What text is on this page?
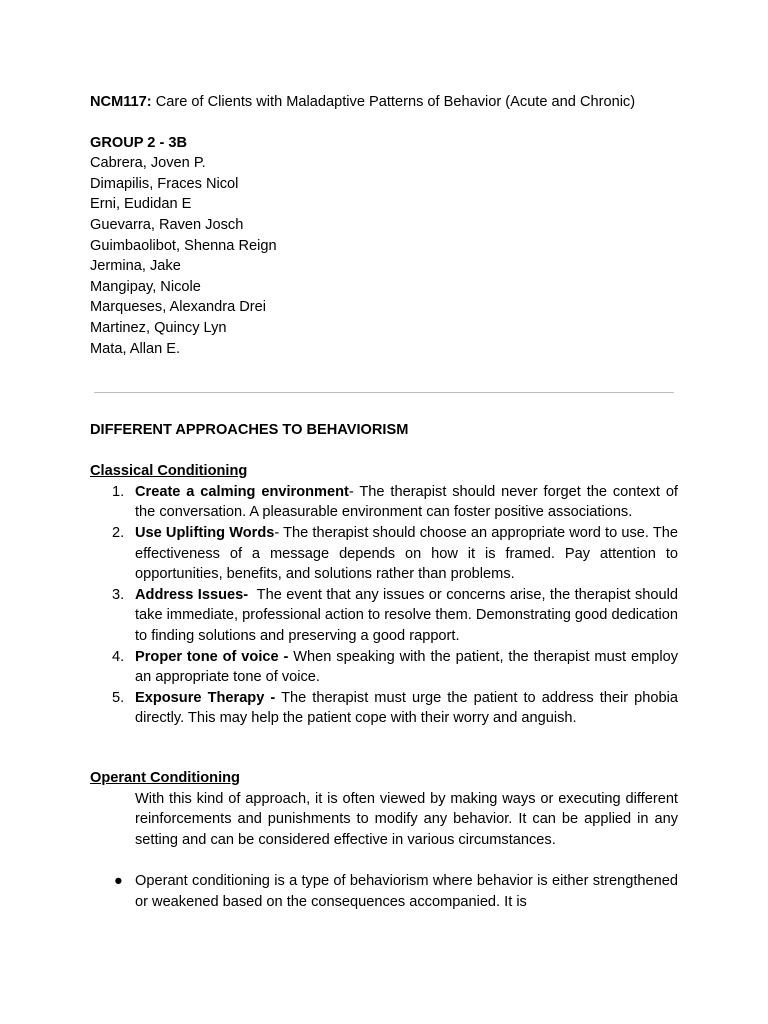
NCM117: Care of Clients with Maladaptive Patterns of Behavior (Acute and Chronic)

GROUP 2 - 3B
Cabrera, Joven P.
Dimapilis, Fraces Nicol
Erni, Eudidan E
Guevarra, Raven Josch
Guimbaolibot, Shenna Reign
Jermina, Jake
Mangipay, Nicole
Marqueses, Alexandra Drei
Martinez, Quincy Lyn
Mata, Allan E.
DIFFERENT APPROACHES TO BEHAVIORISM
Classical Conditioning
1. Create a calming environment- The therapist should never forget the context of the conversation. A pleasurable environment can foster positive associations.
2. Use Uplifting Words- The therapist should choose an appropriate word to use. The effectiveness of a message depends on how it is framed. Pay attention to opportunities, benefits, and solutions rather than problems.
3. Address Issues-  The event that any issues or concerns arise, the therapist should take immediate, professional action to resolve them. Demonstrating good dedication to finding solutions and preserving a good rapport.
4. Proper tone of voice - When speaking with the patient, the therapist must employ an appropriate tone of voice.
5. Exposure Therapy - The therapist must urge the patient to address their phobia directly. This may help the patient cope with their worry and anguish.
Operant Conditioning
With this kind of approach, it is often viewed by making ways or executing different reinforcements and punishments to modify any behavior. It can be applied in any setting and can be considered effective in various circumstances.
● Operant conditioning is a type of behaviorism where behavior is either strengthened or weakened based on the consequences accompanied. It is
